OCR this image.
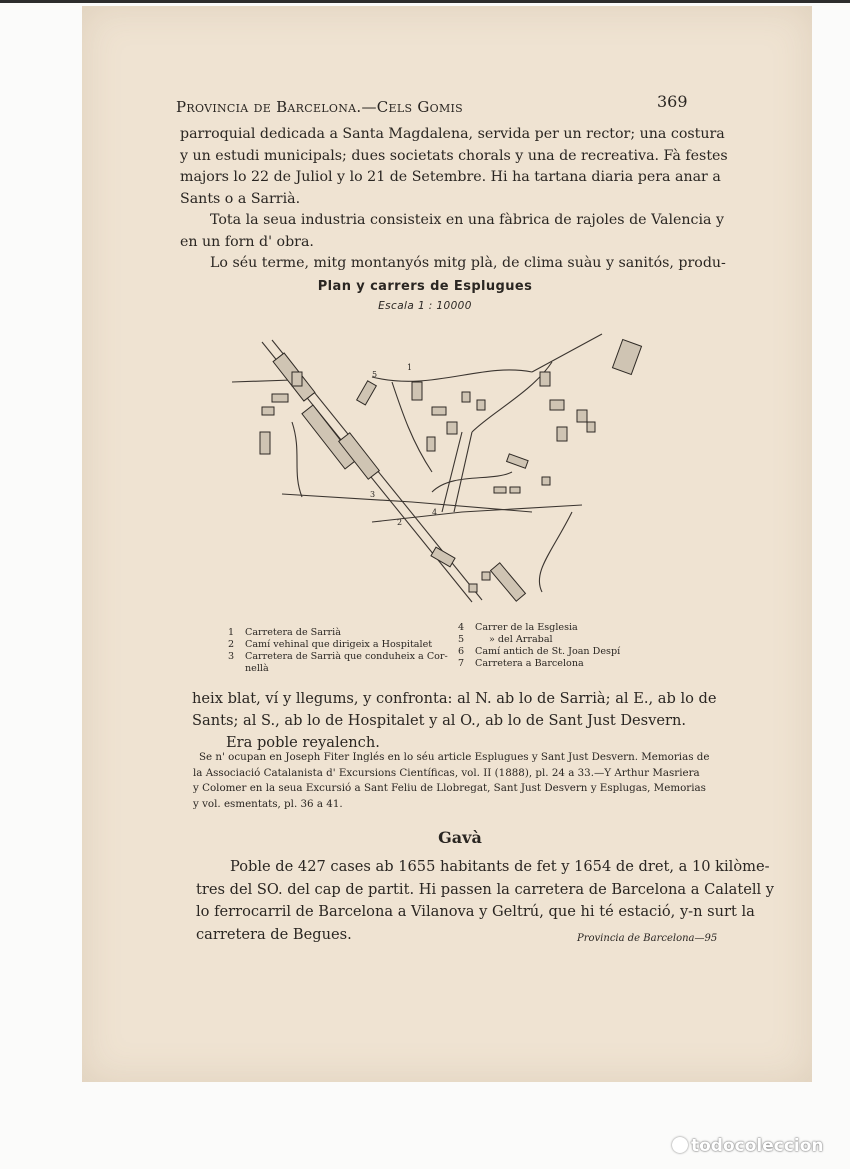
Provincia de Barcelona.—Cels Gomis	369
parroquial dedicada a Santa Magdalena, servida per un rector; una costura
y un estudi municipals; dues societats chorals y una de recreativa. Fà festes
majors lo 22 de Juliol y lo 21 de Setembre. Hi ha tartana diaria pera anar a
Sants o a Sarrià.
Tota la seua industria consisteix en una fàbrica de rajoles de Valencia y
en un forn d' obra.
Lo séu terme, mitg montanyós mitg plà, de clima suàu y sanitós, produ-
Plan y carrers de Esplugues
Escala 1 : 10000
3
2
4
5
1
1 Carretera de Sarrià
2 Camí vehinal que dirigeix a Hospitalet
3 Carretera de Sarrià que conduheix a Cor-
nellà
4 Carrer de la Esglesia
5	» del Arrabal
6 Camí antich de St. Joan Despí
7 Carretera a Barcelona
heix blat, ví y llegums, y confronta: al N. ab lo de Sarrià; al E., ab lo de
Sants; al S., ab lo de Hospitalet y al O., ab lo de Sant Just Desvern.
Era poble reyalench.
Se n' ocupan en Joseph Fiter Inglés en lo séu article Esplugues y Sant Just Desvern. Memorias de
la Associació Catalanista d' Excursions Científicas, vol. II (1888), pl. 24 a 33.—Y Arthur Masriera
y Colomer en la seua Excursió a Sant Feliu de Llobregat, Sant Just Desvern y Esplugas, Memorias
y vol. esmentats, pl. 36 a 41.
Gavà
Poble de 427 cases ab 1655 habitants de fet y 1654 de dret, a 10 kilòme-
tres del SO. del cap de partit. Hi passen la carretera de Barcelona a Calatell y
lo ferrocarril de Barcelona a Vilanova y Geltrú, que hi té estació, y-n surt la
carretera de Begues.	Provincia de Barcelona—95
todocoleccion
